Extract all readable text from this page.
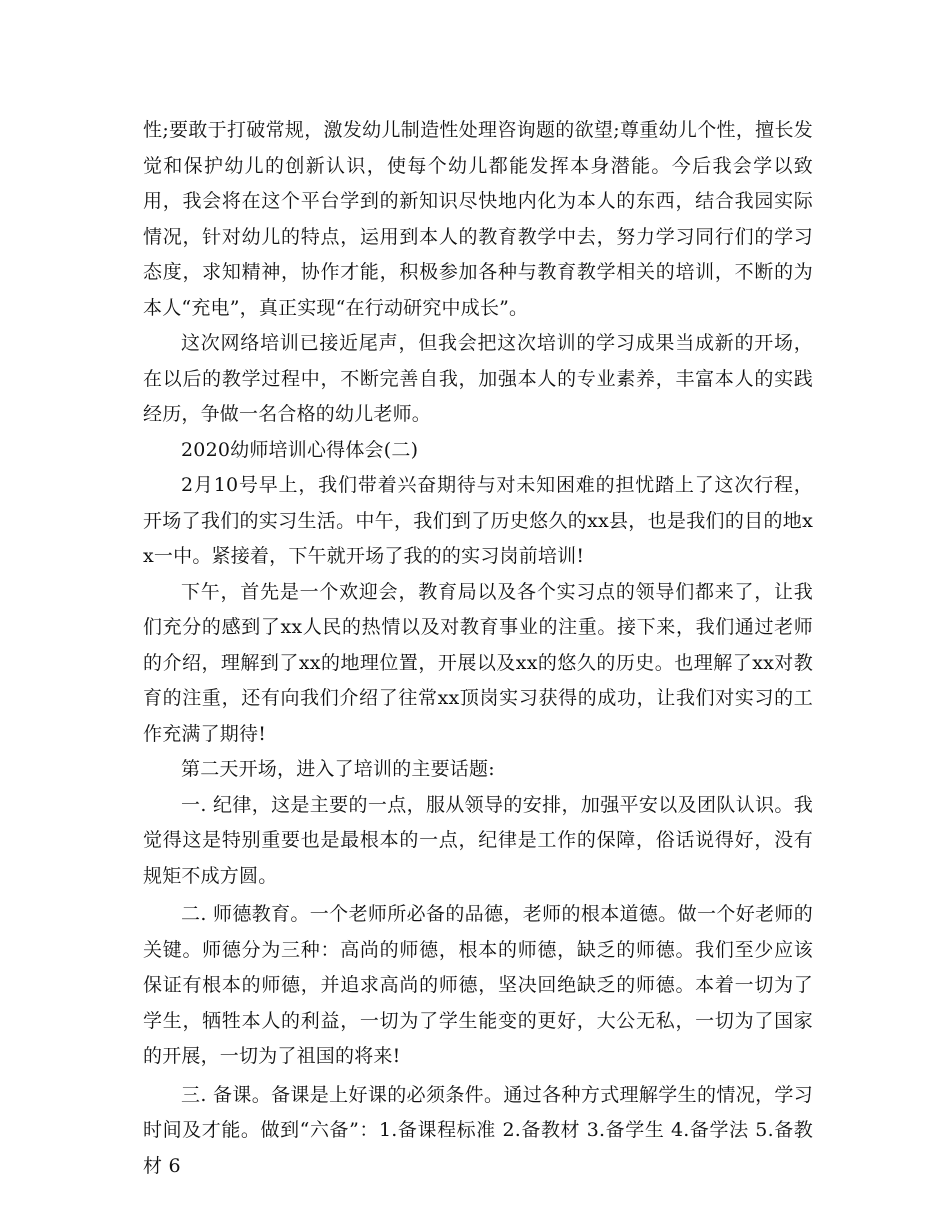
性;要敢于打破常规，激发幼儿制造性处理咨询题的欲望;尊重幼儿个性，擅长发觉和保护幼儿的创新认识，使每个幼儿都能发挥本身潜能。今后我会学以致用，我会将在这个平台学到的新知识尽快地内化为本人的东西，结合我园实际情况，针对幼儿的特点，运用到本人的教育教学中去，努力学习同行们的学习态度，求知精神，协作才能，积极参加各种与教育教学相关的培训，不断的为本人“充电”，真正实现“在行动研究中成长”。

这次网络培训已接近尾声，但我会把这次培训的学习成果当成新的开场，在以后的教学过程中，不断完善自我，加强本人的专业素养，丰富本人的实践经历，争做一名合格的幼儿老师。

2020幼师培训心得体会(二)

2月10号早上，我们带着兴奋期待与对未知困难的担忧踏上了这次行程，开场了我们的实习生活。中午，我们到了历史悠久的xx县，也是我们的目的地xx一中。紧接着，下午就开场了我的的实习岗前培训!

下午，首先是一个欢迎会，教育局以及各个实习点的领导们都来了，让我们充分的感到了xx人民的热情以及对教育事业的注重。接下来，我们通过老师的介绍，理解到了xx的地理位置，开展以及xx的悠久的历史。也理解了xx对教育的注重，还有向我们介绍了往常xx顶岗实习获得的成功，让我们对实习的工作充满了期待!

第二天开场，进入了培训的主要话题:

一. 纪律，这是主要的一点，服从领导的安排，加强平安以及团队认识。我觉得这是特别重要也是最根本的一点，纪律是工作的保障，俗话说得好，没有规矩不成方圆。

二. 师德教育。一个老师所必备的品德，老师的根本道德。做一个好老师的关键。师德分为三种：高尚的师德，根本的师德，缺乏的师德。我们至少应该保证有根本的师德，并追求高尚的师德，坚决回绝缺乏的师德。本着一切为了学生，牺牲本人的利益，一切为了学生能变的更好，大公无私，一切为了国家的开展，一切为了祖国的将来!

三. 备课。备课是上好课的必须条件。通过各种方式理解学生的情况，学习时间及才能。做到“六备”：1.备课程标准 2.备教材 3.备学生 4.备学法 5.备教材 6
